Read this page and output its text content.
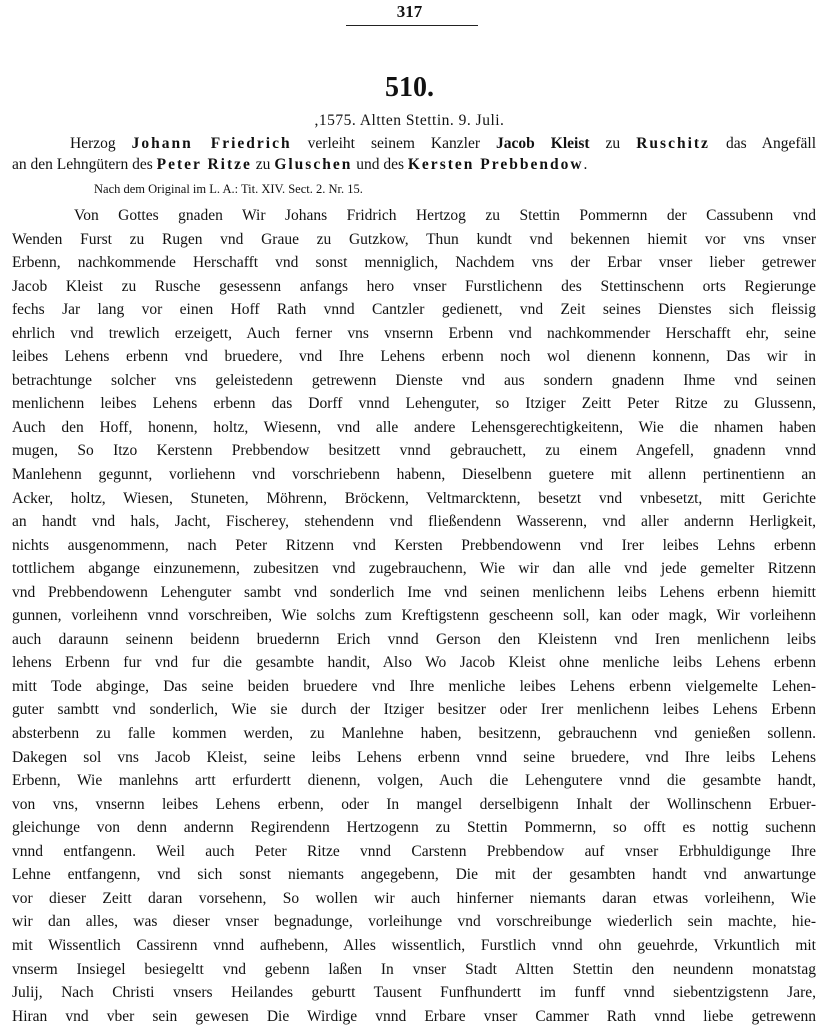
317
510.
,1575. Altten Stettin. 9. Juli.
Herzog Johann Friedrich verleiht seinem Kanzler Jacob Kleist zu Ruschitz das Angefäll
an den Lehngütern des Peter Ritze zu Gluschen und des Kersten Prebbendow.
Nach dem Original im L. A.: Tit. XIV. Sect. 2. Nr. 15.
Von Gottes gnaden Wir Johans Fridrich Hertzog zu Stettin Pommernn der Cassubenn vnd
Wenden Furst zu Rugen vnd Graue zu Gutzkow, Thun kundt vnd bekennen hiemit vor vns vnser
Erbenn, nachkommende Herschafft vnd sonst menniglich, Nachdem vns der Erbar vnser lieber getrewer
Jacob Kleist zu Rusche gesessenn anfangs hero vnser Furstlichenn des Stettinschenn orts Regierunge
fechs Jar lang vor einen Hoff Rath vnnd Cantzler gedienett, vnd Zeit seines Dienstes sich fleissig
ehrlich vnd trewlich erzeigett, Auch ferner vns vnsernn Erbenn vnd nachkommender Herschafft ehr, seine
leibes Lehens erbenn vnd bruedere, vnd Ihre Lehens erbenn noch wol dienenn konnenn, Das wir in
betrachtunge solcher vns geleistedenn getrewenn Dienste vnd aus sondern gnadenn Ihme vnd seinen
menlichenn leibes Lehens erbenn das Dorff vnnd Lehenguter, so Itziger Zeitt Peter Ritze zu Glussenn,
Auch den Hoff, honenn, holtz, Wiesenn, vnd alle andere Lehensgerechtigkeitenn, Wie die nhamen haben
mugen, So Itzo Kerstenn Prebbendow besitzett vnnd gebrauchett, zu einem Angefell, gnadenn vnnd
Manlehenn gegunnt, vorliehenn vnd vorschriebenn habenn, Dieselbenn guetere mit allenn pertinentienn an
Acker, holtz, Wiesen, Stuneten, Möhrenn, Bröckenn, Veltmarcktenn, besetzt vnd vnbesetzt, mitt Gerichte
an handt vnd hals, Jacht, Fischerey, stehendenn vnd fließendenn Wasserenn, vnd aller andernn Herligkeit,
nichts ausgenommenn, nach Peter Ritzenn vnd Kersten Prebbendowenn vnd Irer leibes Lehns erbenn
tottlichem abgange einzunemenn, zubesitzen vnd zugebrauchenn, Wie wir dan alle vnd jede gemelter Ritzenn
vnd Prebbendowenn Lehenguter sambt vnd sonderlich Ime vnd seinen menlichenn leibs Lehens erbenn hiemitt
gunnen, vorleihenn vnnd vorschreiben, Wie solchs zum Kreftigstenn gescheenn soll, kan oder magk, Wir vorleihenn
auch daraunn seinenn beidenn bruedernn Erich vnnd Gerson den Kleistenn vnd Iren menlichenn leibs
lehens Erbenn fur vnd fur die gesambte handit, Also Wo Jacob Kleist ohne menliche leibs Lehens erbenn
mitt Tode abginge, Das seine beiden bruedere vnd Ihre menliche leibes Lehens erbenn vielgemelte Lehen-
guter sambtt vnd sonderlich, Wie sie durch der Itziger besitzer oder Irer menlichenn leibes Lehens Erbenn
absterbenn zu falle kommen werden, zu Manlehne haben, besitzenn, gebrauchenn vnd genießen sollenn.
Dakegen sol vns Jacob Kleist, seine leibs Lehens erbenn vnnd seine bruedere, vnd Ihre leibs Lehens
Erbenn, Wie manlehns artt erfurdertt dienenn, volgen, Auch die Lehengutere vnnd die gesambte handt,
von vns, vnsernn leibes Lehens erbenn, oder In mangel derselbigenn Inhalt der Wollinschenn Erbuer-
gleichunge von denn andernn Regirendenn Hertzogenn zu Stettin Pommernn, so offt es nottig suchenn
vnnd entfangenn. Weil auch Peter Ritze vnnd Carstenn Prebbendow auf vnser Erbhuldigunge Ihre
Lehne entfangenn, vnd sich sonst niemants angegebenn, Die mit der gesambten handt vnd anwartunge
vor dieser Zeitt daran vorsehenn, So wollen wir auch hinferner niemants daran etwas vorleihenn, Wie
wir dan alles, was dieser vnser begnadunge, vorleihunge vnd vorschreibunge wiederlich sein machte, hie-
mit Wissentlich Cassirenn vnnd aufhebenn, Alles wissentlich, Furstlich vnnd ohn geuehrde, Vrkuntlich mit
vnserm Insiegel besiegeltt vnd gebenn laßen In vnser Stadt Altten Stettin den neundenn monatstag
Julij, Nach Christi vnsers Heilandes geburtt Tausent Funfhundertt im funff vnnd siebentzigstenn Jare,
Hiran vnd vber sein gewesen Die Wirdige vnnd Erbare vnser Cammer Rath vnnd liebe getrewenn
